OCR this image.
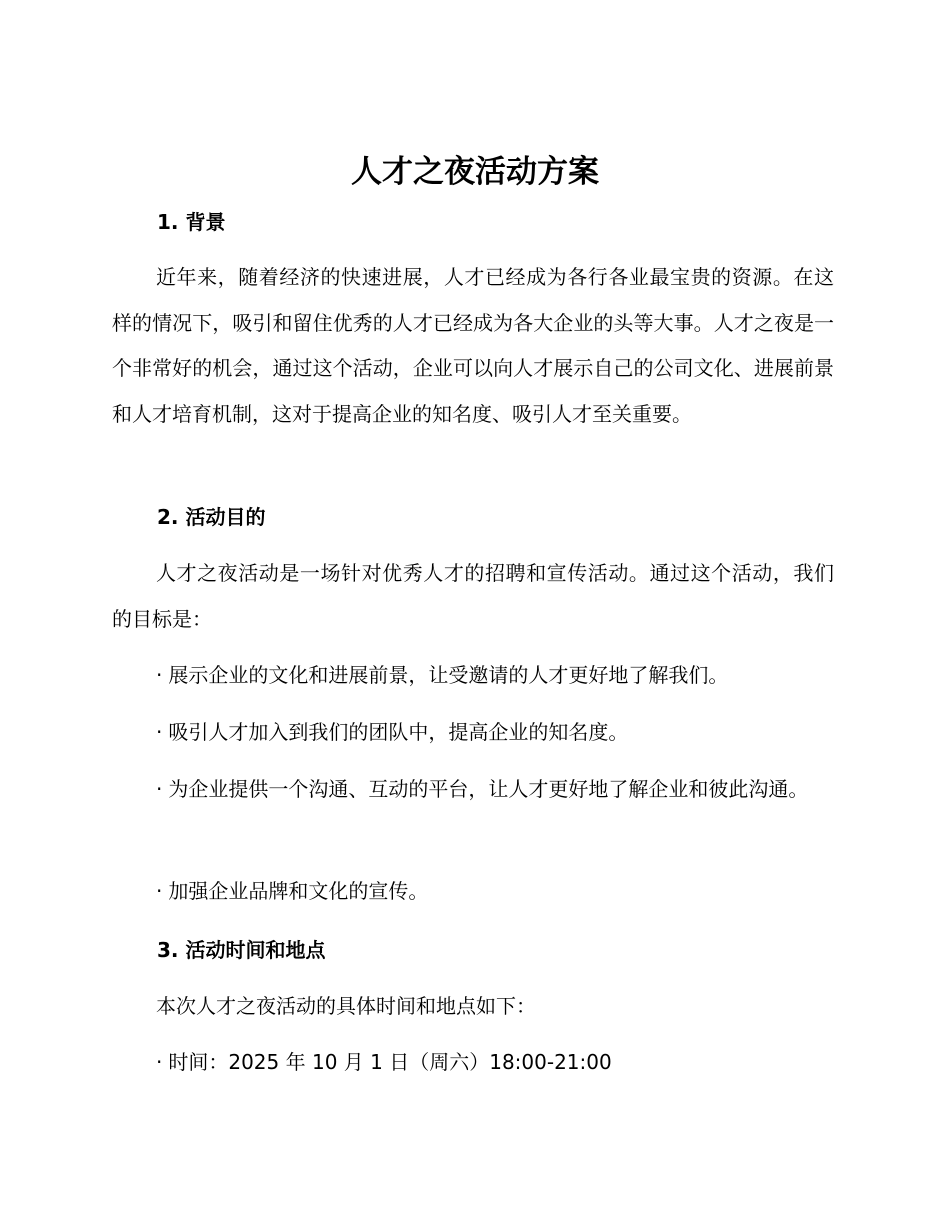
人才之夜活动方案
1. 背景

近年来，随着经济的快速进展，人才已经成为各行各业最宝贵的资源。在这样的情况下，吸引和留住优秀的人才已经成为各大企业的头等大事。人才之夜是一个非常好的机会，通过这个活动，企业可以向人才展示自己的公司文化、进展前景和人才培育机制，这对于提高企业的知名度、吸引人才至关重要。

2. 活动目的

人才之夜活动是一场针对优秀人才的招聘和宣传活动。通过这个活动，我们的目标是：

· 展示企业的文化和进展前景，让受邀请的人才更好地了解我们。

· 吸引人才加入到我们的团队中，提高企业的知名度。

· 为企业提供一个沟通、互动的平台，让人才更好地了解企业和彼此沟通。

· 加强企业品牌和文化的宣传。

3. 活动时间和地点

本次人才之夜活动的具体时间和地点如下：

· 时间：2025 年 10 月 1 日（周六）18:00-21:00
